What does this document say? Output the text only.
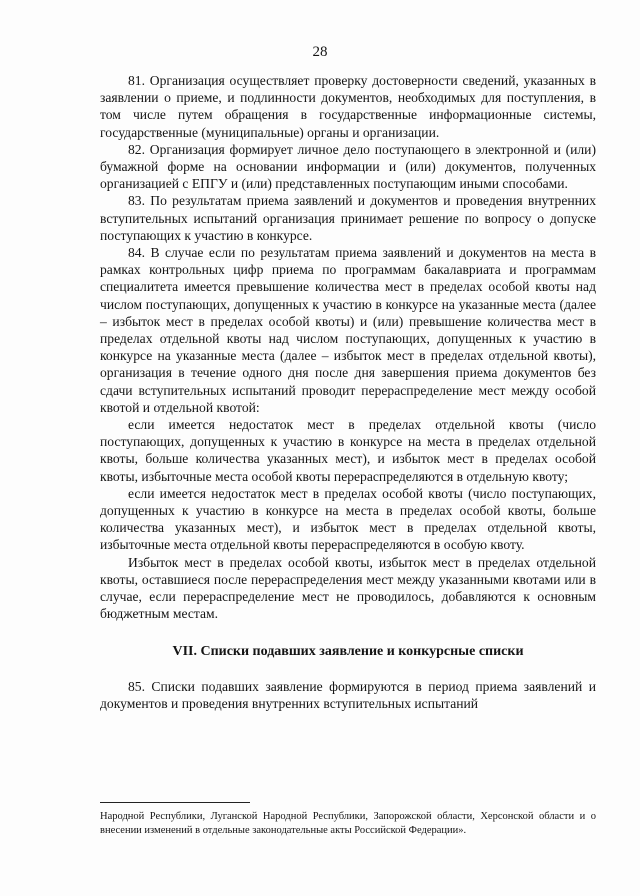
28

81. Организация осуществляет проверку достоверности сведений, указанных в заявлении о приеме, и подлинности документов, необходимых для поступления, в том числе путем обращения в государственные информационные системы, государственные (муниципальные) органы и организации.

82. Организация формирует личное дело поступающего в электронной и (или) бумажной форме на основании информации и (или) документов, полученных организацией с ЕПГУ и (или) представленных поступающим иными способами.

83. По результатам приема заявлений и документов и проведения внутренних вступительных испытаний организация принимает решение по вопросу о допуске поступающих к участию в конкурсе.

84. В случае если по результатам приема заявлений и документов на места в рамках контрольных цифр приема по программам бакалавриата и программам специалитета имеется превышение количества мест в пределах особой квоты над числом поступающих, допущенных к участию в конкурсе на указанные места (далее – избыток мест в пределах особой квоты) и (или) превышение количества мест в пределах отдельной квоты над числом поступающих, допущенных к участию в конкурсе на указанные места (далее – избыток мест в пределах отдельной квоты), организация в течение одного дня после дня завершения приема документов без сдачи вступительных испытаний проводит перераспределение мест между особой квотой и отдельной квотой:

если имеется недостаток мест в пределах отдельной квоты (число поступающих, допущенных к участию в конкурсе на места в пределах отдельной квоты, больше количества указанных мест), и избыток мест в пределах особой квоты, избыточные места особой квоты перераспределяются в отдельную квоту;

если имеется недостаток мест в пределах особой квоты (число поступающих, допущенных к участию в конкурсе на места в пределах особой квоты, больше количества указанных мест), и избыток мест в пределах отдельной квоты, избыточные места отдельной квоты перераспределяются в особую квоту.

Избыток мест в пределах особой квоты, избыток мест в пределах отдельной квоты, оставшиеся после перераспределения мест между указанными квотами или в случае, если перераспределение мест не проводилось, добавляются к основным бюджетным местам.

VII. Списки подавших заявление и конкурсные списки

85. Списки подавших заявление формируются в период приема заявлений и документов и проведения внутренних вступительных испытаний

Народной Республики, Луганской Народной Республики, Запорожской области, Херсонской области и о внесении изменений в отдельные законодательные акты Российской Федерации».
